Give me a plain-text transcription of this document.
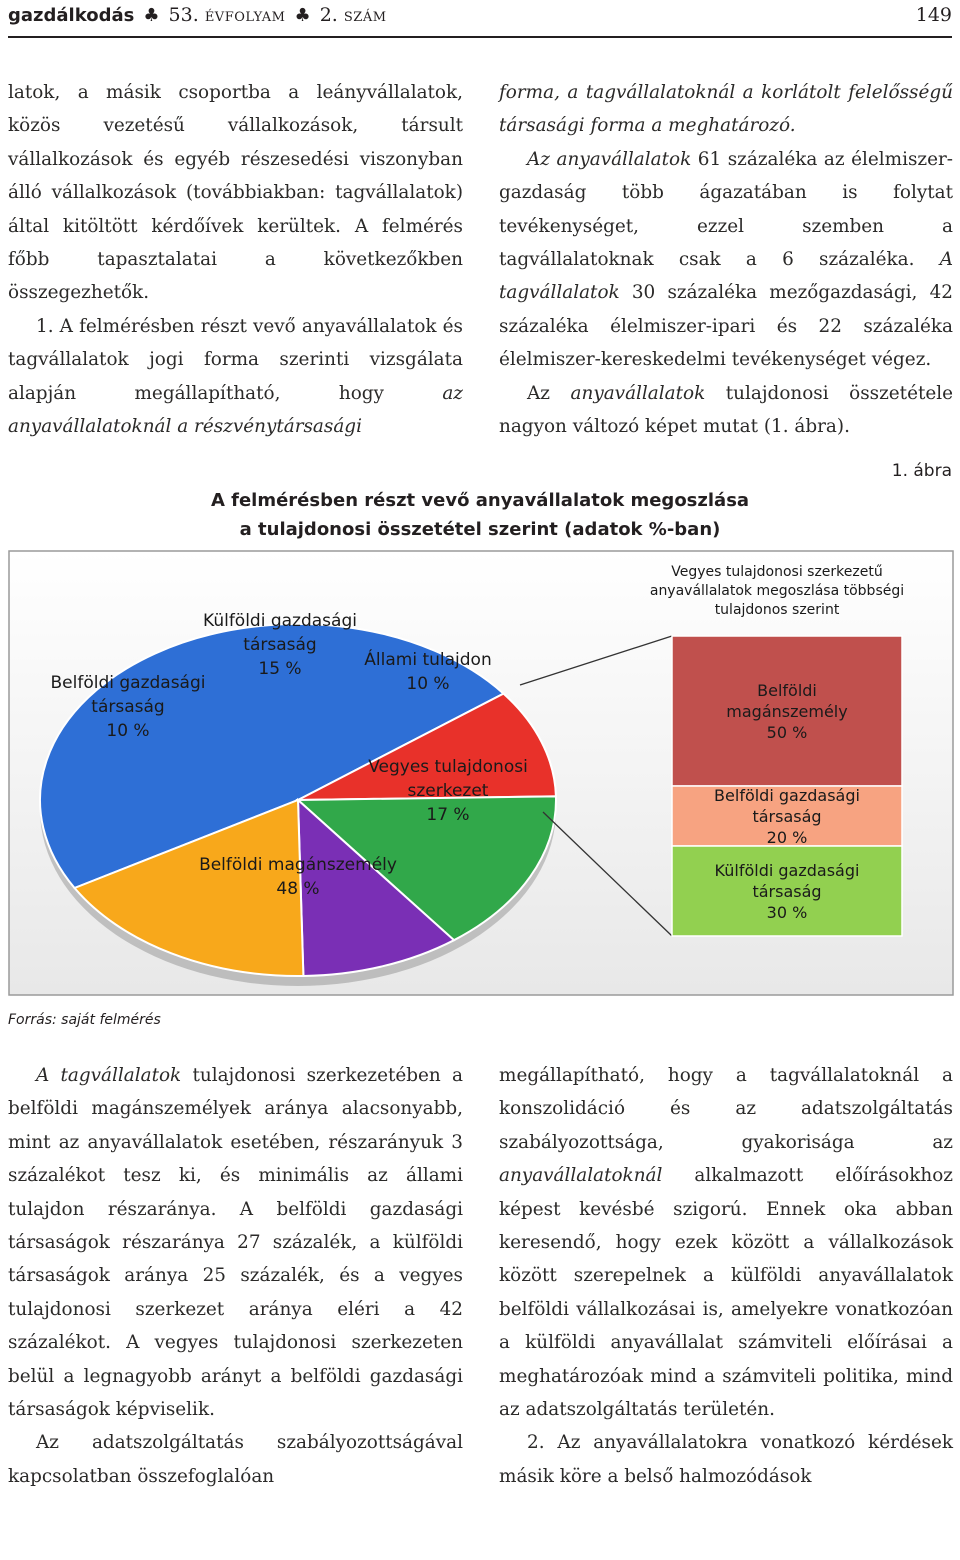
gazdálkodás ♣ 53. ÉVFOLYAM ♣ 2. SZÁM	149

latok, a másik csoportba a leányvállalatok, közös vezetésű vállalkozások, társult vállalkozások és egyéb részesedési viszonyban álló vállalkozások (továbbiakban: tagvállalatok) által kitöltött kérdőívek kerültek. A felmérés főbb tapasztalatai a következőkben összegezhetők.

1. A felmérésben részt vevő anyavállalatok és tagvállalatok jogi forma szerinti vizsgálata alapján megállapítható, hogy az anyavállalatoknál a részvénytársasági

forma, a tagvállalatoknál a korlátolt felelősségű társasági forma a meghatározó.

Az anyavállalatok 61 százaléka az élelmiszer-gazdaság több ágazatában is folytat tevékenységet, ezzel szemben a tagvállalatoknak csak a 6 százaléka. A tagvállalatok 30 százaléka mezőgazdasági, 42 százaléka élelmiszer-ipari és 22 százaléka élelmiszer-kereskedelmi tevékenységet végez.

Az anyavállalatok tulajdonosi összetétele nagyon változó képet mutat (1. ábra).

1. ábra
A felmérésben részt vevő anyavállalatok megoszlása
a tulajdonosi összetétel szerint (adatok %-ban)
Belföldi magánszemély
48 %
Belföldi gazdasági
társaság
10 %
Külföldi gazdasági
társaság
15 %	Állami tulajdon
10 %
Vegyes tulajdonosi
szerkezet
17 %
Belföldi
magánszemély
50 %
Belföldi gazdasági
társaság
20 %
Külföldi gazdasági
társaság
30 %
Vegyes tulajdonosi szerkezetű
anyavállalatok megoszlása többségi
tulajdonos szerint
Forrás: saját felmérés

A tagvállalatok tulajdonosi szerkezetében a belföldi magánszemélyek aránya alacsonyabb, mint az anyavállalatok esetében, részarányuk 3 százalékot tesz ki, és minimális az állami tulajdon részaránya. A belföldi gazdasági társaságok részaránya 27 százalék, a külföldi társaságok aránya 25 százalék, és a vegyes tulajdonosi szerkezet aránya eléri a 42 százalékot. A vegyes tulajdonosi szerkezeten belül a legnagyobb arányt a belföldi gazdasági társaságok képviselik.

Az adatszolgáltatás szabályozottságával kapcsolatban összefoglalóan

megállapítható, hogy a tagvállalatoknál a konszolidáció és az adatszolgáltatás szabályozottsága, gyakorisága az anyavállalatoknál alkalmazott előírásokhoz képest kevésbé szigorú. Ennek oka abban keresendő, hogy ezek között a vállalkozások között szerepelnek a külföldi anyavállalatok belföldi vállalkozásai is, amelyekre vonatkozóan a külföldi anyavállalat számviteli előírásai a meghatározóak mind a számviteli politika, mind az adatszolgáltatás területén.

2. Az anyavállalatokra vonatkozó kérdések másik köre a belső halmozódások
